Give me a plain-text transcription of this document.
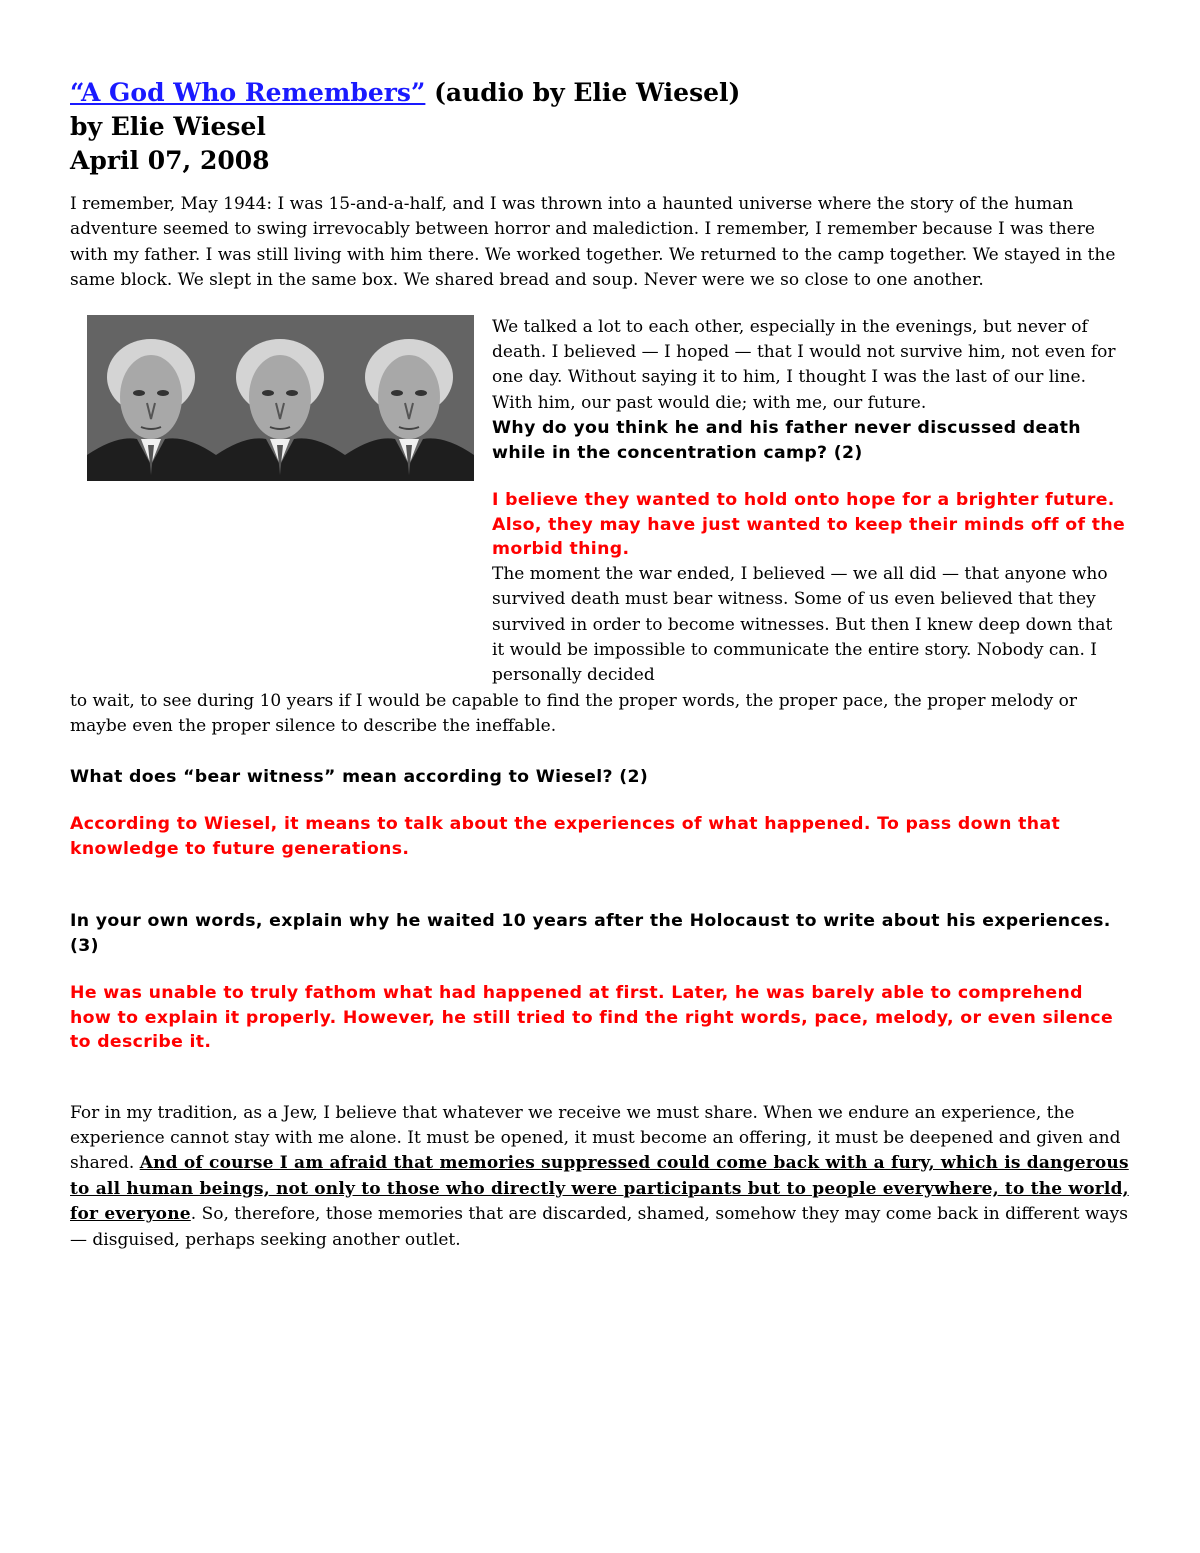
“A God Who Remembers” (audio by Elie Wiesel)

by Elie Wiesel

April 07, 2008

I remember, May 1944: I was 15-and-a-half, and I was thrown into a haunted universe where the story of the human adventure seemed to swing irrevocably between horror and malediction. I remember, I remember because I was there with my father. I was still living with him there. We worked together. We returned to the camp together. We stayed in the same block. We slept in the same box. We shared bread and soup. Never were we so close to one another.

We talked a lot to each other, especially in the evenings, but never of death. I believed — I hoped — that I would not survive him, not even for one day. Without saying it to him, I thought I was the last of our line. With him, our past would die; with me, our future.

Why do you think he and his father never discussed death while in the concentration camp? (2)

I believe they wanted to hold onto hope for a brighter future. Also, they may have just wanted to keep their minds off of the morbid thing.

The moment the war ended, I believed — we all did — that anyone who survived death must bear witness. Some of us even believed that they survived in order to become witnesses. But then I knew deep down that it would be impossible to communicate the entire story. Nobody can. I personally decided
to wait, to see during 10 years if I would be capable to find the proper words, the proper pace, the proper melody or maybe even the proper silence to describe the ineffable.

What does “bear witness” mean according to Wiesel? (2)

According to Wiesel, it means to talk about the experiences of what happened. To pass down that knowledge to future generations.

In your own words, explain why he waited 10 years after the Holocaust to write about his experiences. (3)

He was unable to truly fathom what had happened at first. Later, he was barely able to comprehend how to explain it properly. However, he still tried to find the right words, pace, melody, or even silence to describe it.

For in my tradition, as a Jew, I believe that whatever we receive we must share. When we endure an experience, the experience cannot stay with me alone. It must be opened, it must become an offering, it must be deepened and given and shared. And of course I am afraid that memories suppressed could come back with a fury, which is dangerous to all human beings, not only to those who directly were participants but to people everywhere, to the world, for everyone. So, therefore, those memories that are discarded, shamed, somehow they may come back in different ways — disguised, perhaps seeking another outlet.
